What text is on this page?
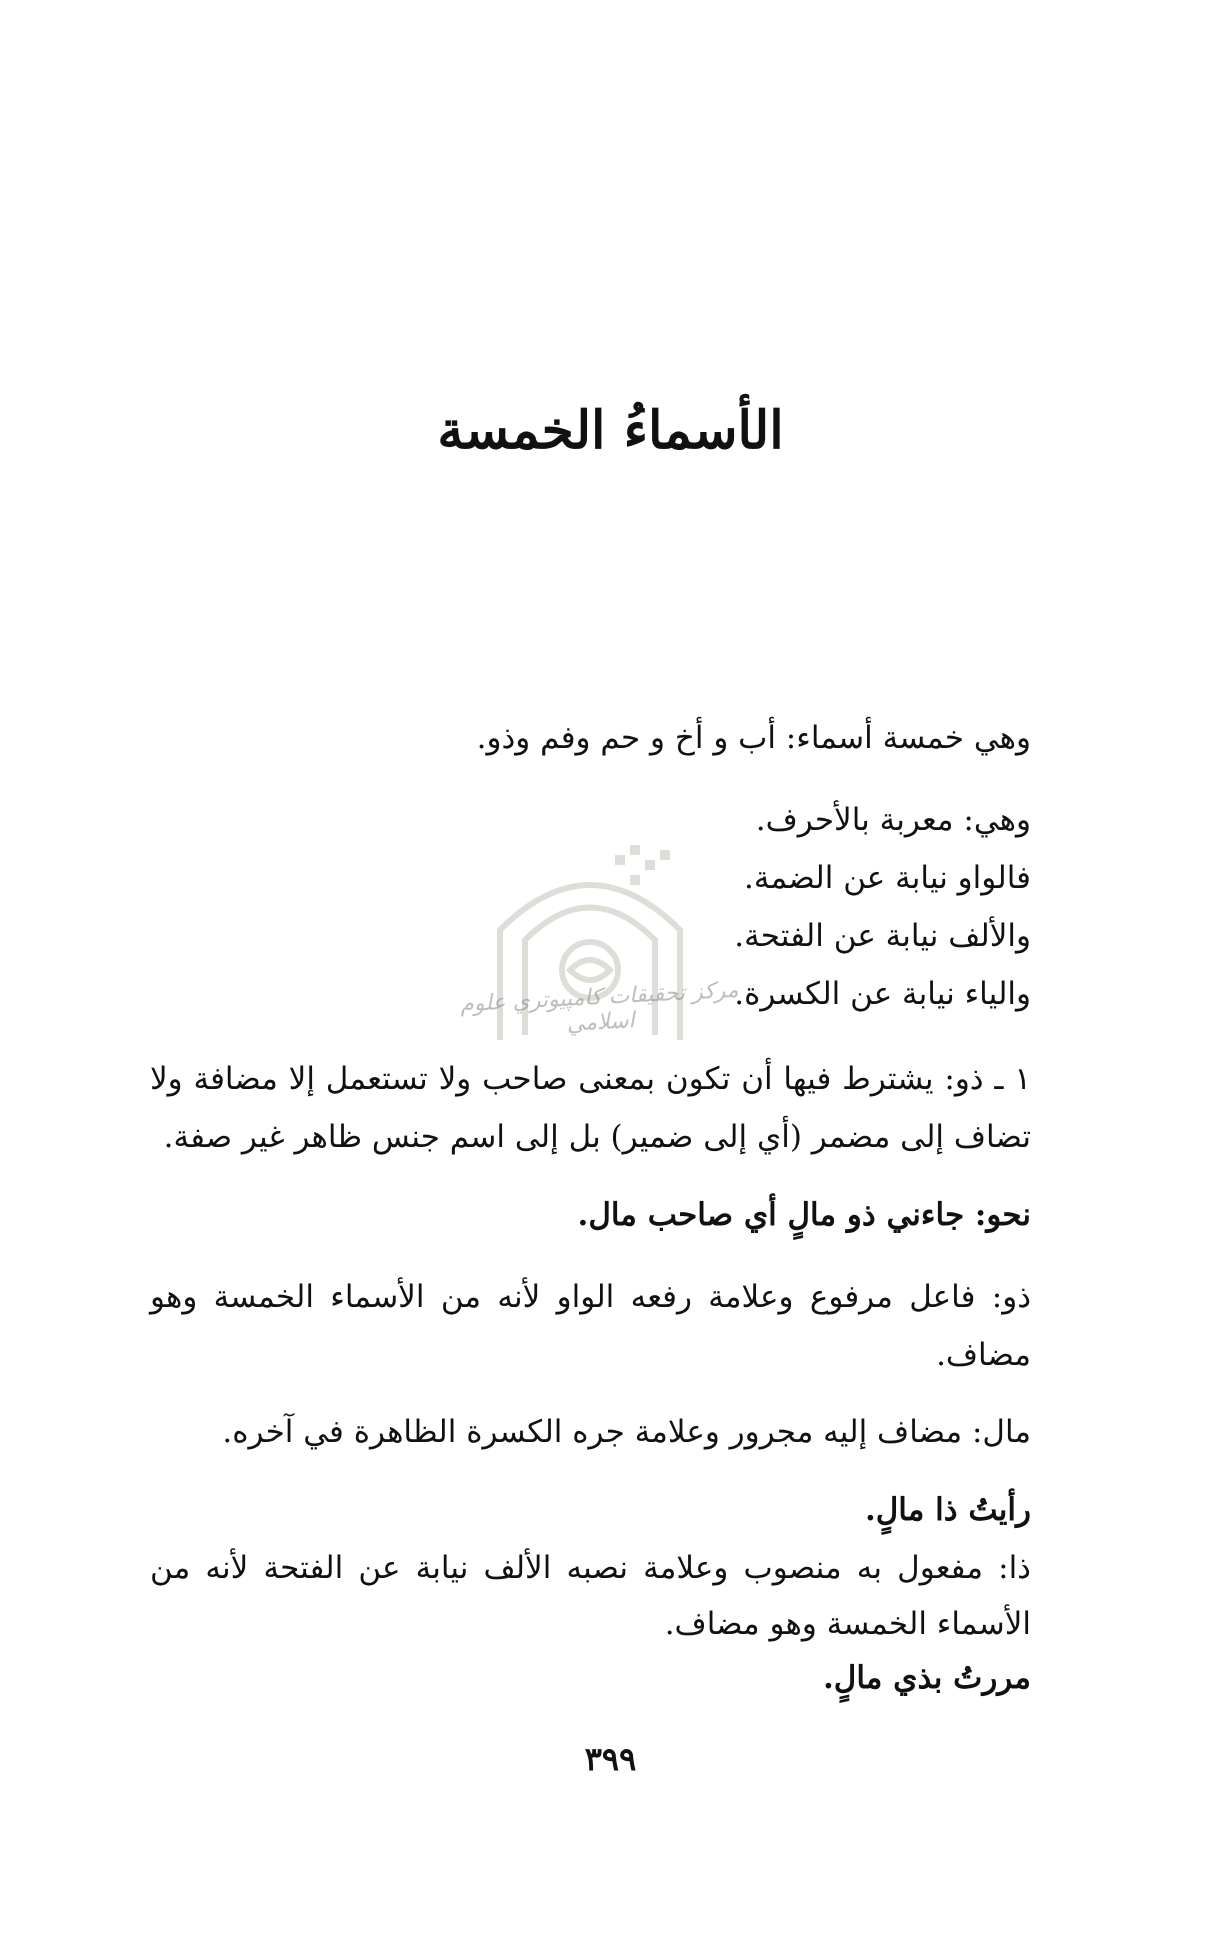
الأسماءُ الخمسة
وهي خمسة أسماء: أب و أخ و حم وفم وذو.
وهي: معربة بالأحرف.
فالواو نيابة عن الضمة.
والألف نيابة عن الفتحة.
والياء نيابة عن الكسرة.
١ ـ ذو: يشترط فيها أن تكون بمعنى صاحب ولا تستعمل إلا مضافة ولا تضاف إلى مضمر (أي إلى ضمير) بل إلى اسم جنس ظاهر غير صفة.
نحو: جاءني ذو مالٍ أي صاحب مال.
ذو: فاعل مرفوع وعلامة رفعه الواو لأنه من الأسماء الخمسة وهو مضاف.
مال: مضاف إليه مجرور وعلامة جره الكسرة الظاهرة في آخره.
رأيتُ ذا مالٍ.
ذا: مفعول به منصوب وعلامة نصبه الألف نيابة عن الفتحة لأنه من الأسماء الخمسة وهو مضاف.
مررتُ بذي مالٍ.
٣٩٩
مركز تحقيقات كامپيوتري علوم اسلامي
